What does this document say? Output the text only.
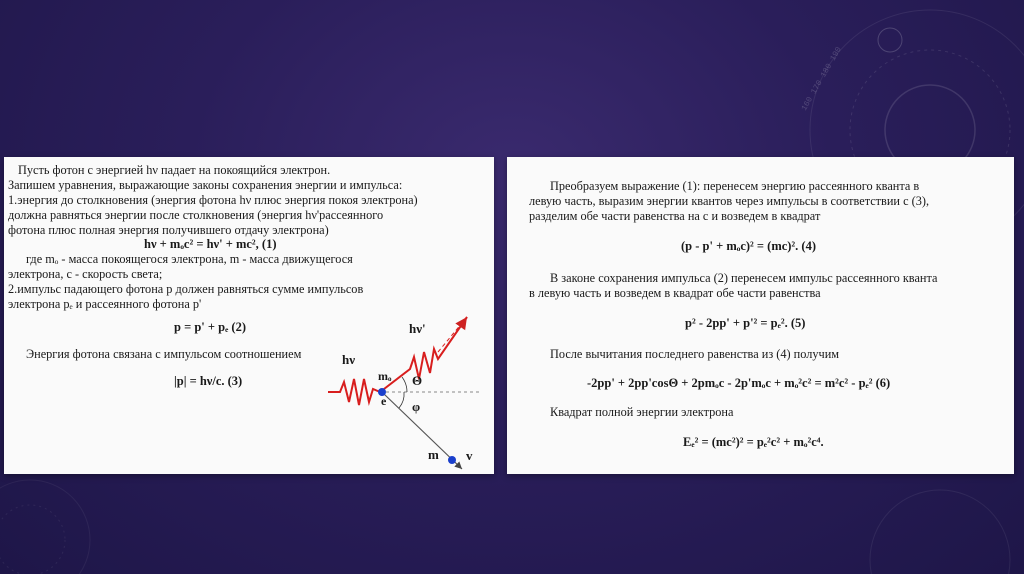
160 170 180 190
Пусть фотон с энергией hν падает на покоящийся электрон.
Запишем уравнения, выражающие законы сохранения энергии и импульса:
1.энергия до столкновения (энергия фотона hν плюс энергия покоя электрона)
должна равняться энергии после столкновения (энергия hν'рассеянного
фотона плюс полная энергия получившего отдачу электрона)
hν + mₒc² = hν' + mc², (1)
где mₒ - масса покоящегося электрона, m - масса движущегося
электрона, c - скорость света;
2.импульс падающего фотона p должен равняться сумме импульсов
электрона pₑ и рассеянного фотона p'
p = p' + pₑ (2)
Энергия фотона связана с импульсом соотношением
|p| = hν/c. (3)
hν
hν'
mₒ
e
Θ
φ
m v
Преобразуем выражение (1): перенесем энергию рассеянного кванта в
левую часть, выразим энергии квантов через импульсы в соответствии с (3),
разделим обе части равенства на c и возведем в квадрат
(p - p' + mₒc)² = (mc)². (4)
В законе сохранения импульса (2) перенесем импульс рассеянного кванта
в левую часть и возведем в квадрат обе части равенства
p² - 2pp' + p'² = pₑ². (5)
После вычитания последнего равенства из (4) получим
-2pp' + 2pp'cosΘ + 2pmₒc - 2p'mₒc + mₒ²c² = m²c² - pₑ² (6)
Квадрат полной энергии электрона
Eₑ² = (mc²)² = pₑ²c² + mₒ²c⁴.
